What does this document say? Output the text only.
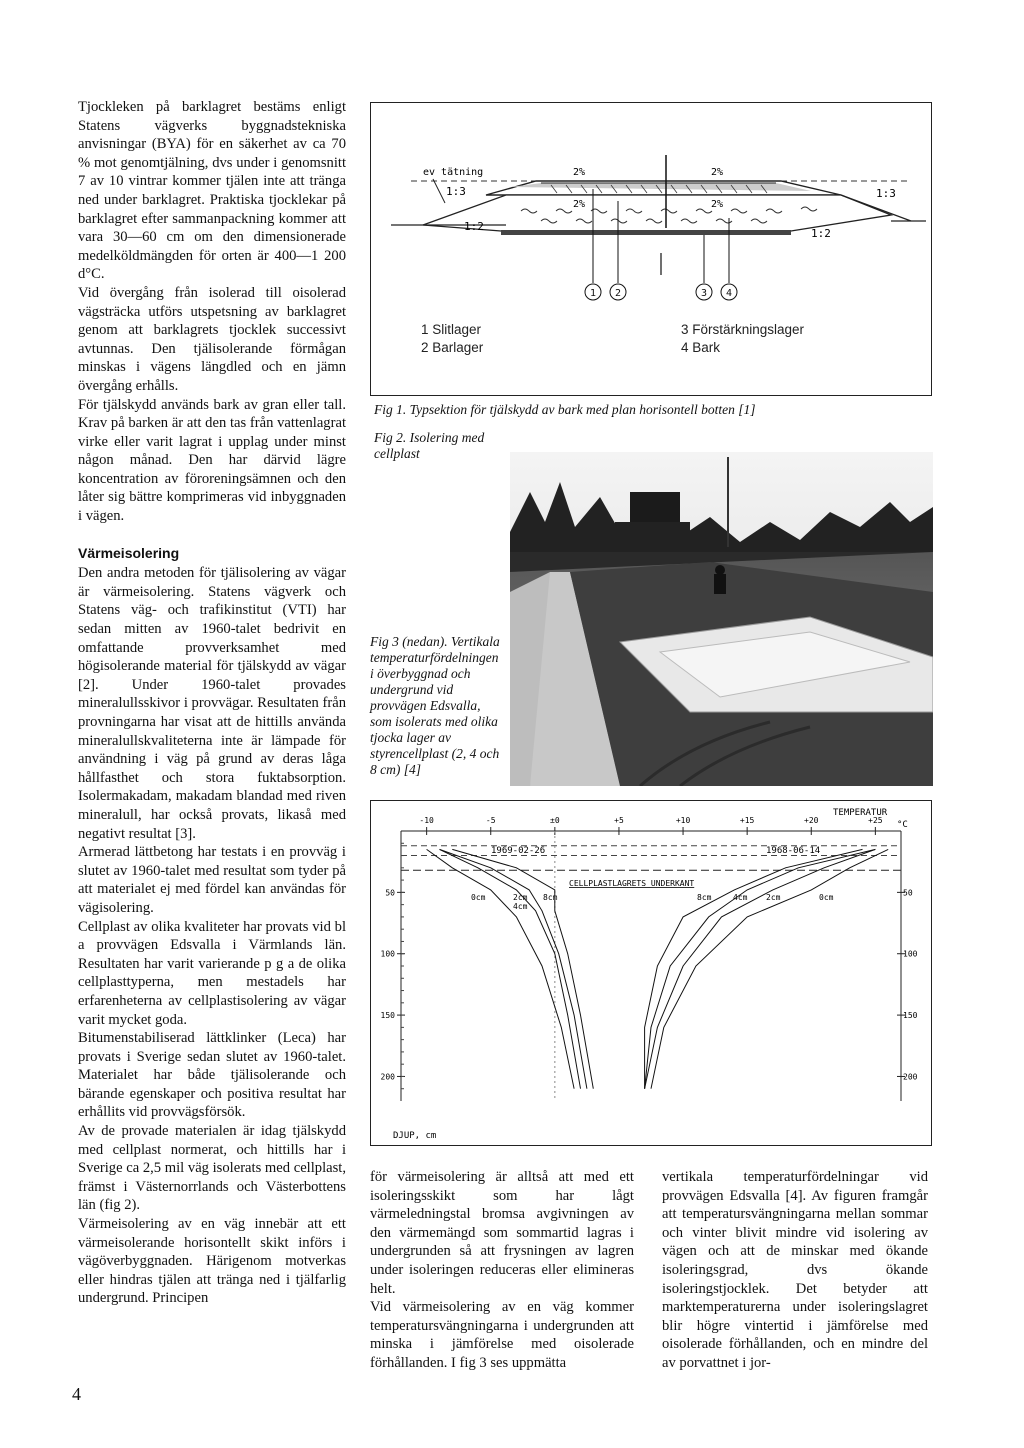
Tjockleken på barklagret bestäms enligt Statens vägverks byggnadstekniska anvisningar (BYA) för en säkerhet av ca 70 % mot genomtjälning, dvs under i genomsnitt 7 av 10 vintrar kommer tjälen inte att tränga ned under barklagret. Praktiska tjocklekar på barklagret efter sammanpackning kommer att vara 30—60 cm om den dimensionerade medelköldmängden för orten är 400—1 200 d°C.

Vid övergång från isolerad till oisolerad vägsträcka utförs utspetsning av barklagret genom att barklagrets tjocklek successivt avtunnas. Den tjälisolerande förmågan minskas i vägens längdled och en jämn övergång erhålls.

För tjälskydd används bark av gran eller tall. Krav på barken är att den tas från vattenlagrat virke eller varit lagrat i upplag under minst någon månad. Den har därvid lägre koncentration av föroreningsämnen och den låter sig bättre komprimeras vid inbyggnaden i vägen.

Värmeisolering

Den andra metoden för tjälisolering av vägar är värmeisolering. Statens vägverk och Statens väg- och trafikinstitut (VTI) har sedan mitten av 1960-talet bedrivit en omfattande provverksamhet med högisolerande material för tjälskydd av vägar [2]. Under 1960-talet provades mineralullsskivor i provvägar. Resultaten från provningarna har visat att de hittills använda mineralullskvaliteterna inte är lämpade för användning i väg på grund av deras låga hållfasthet och stora fuktabsorption. Isolermakadam, makadam blandad med riven mineralull, har också provats, likaså med negativt resultat [3].

Armerad lättbetong har testats i en provväg i slutet av 1960-talet med resultat som tyder på att materialet ej med fördel kan användas för vägisolering.

Cellplast av olika kvaliteter har provats vid bl a provvägen Edsvalla i Värmlands län. Resultaten har varit varierande p g a de olika cellplasttyperna, men mestadels har erfarenheterna av cellplastisolering av vägar varit mycket goda.

Bitumenstabiliserad lättklinker (Leca) har provats i Sverige sedan slutet av 1960-talet. Materialet har både tjälisolerande och bärande egenskaper och positiva resultat har erhållits vid provvägsförsök.

Av de provade materialen är idag tjälskydd med cellplast normerat, och hittills har i Sverige ca 2,5 mil väg isolerats med cellplast, främst i Västernorrlands och Västerbottens län (fig 2).

Värmeisolering av en väg innebär att ett värmeisolerande horisontellt skikt införs i vägöverbyggnaden. Härigenom motverkas eller hindras tjälen att tränga ned i tjälfarlig undergrund. Principen

ev tätning
1:3	1:3
1:2
1:2
2%	2%
2%	2%
1 2	3 4
1 Slitlager
2 Barlager
3 Förstärkningslager
4 Bark
Fig 1. Typsektion för tjälskydd av bark med plan horisontell botten [1]
Fig 2. Isolering med cellplast
Fig 3 (nedan). Vertikala temperaturfördelningen i överbyggnad och undergrund vid provvägen Edsvalla, som isolerats med olika tjocka lager av styrencellplast (2, 4 och 8 cm) [4]
TEMPERATUR
°C
DJUP, cm
1969-02-26	1968-06-14
CELLPLASTLAGRETS UNDERKANT
0cm	2cm
4cm
8cm	8cm	4cm 2cm	0cm
-10	-5	±0	+5	+10	+15	+20	+25
50	50
100	100
150	150
200	200

för värmeisolering är alltså att med ett isoleringsskikt som har lågt värmeledningstal bromsa avgivningen av den värmemängd som sommartid lagras i undergrunden så att frysningen av lagren under isoleringen reduceras eller elimineras helt.

Vid värmeisolering av en väg kommer temperatursvängningarna i undergrunden att minska i jämförelse med oisolerade förhållanden. I fig 3 ses uppmätta

vertikala temperaturfördelningar vid provvägen Edsvalla [4]. Av figuren framgår att temperatursvängningarna mellan sommar och vinter blivit mindre vid isolering av vägen och att de minskar med ökande isoleringsgrad, dvs ökande isoleringstjocklek. Det betyder att marktemperaturerna under isoleringslagret blir högre vintertid i jämförelse med oisolerade förhållanden, och en mindre del av porvattnet i jor-

4
